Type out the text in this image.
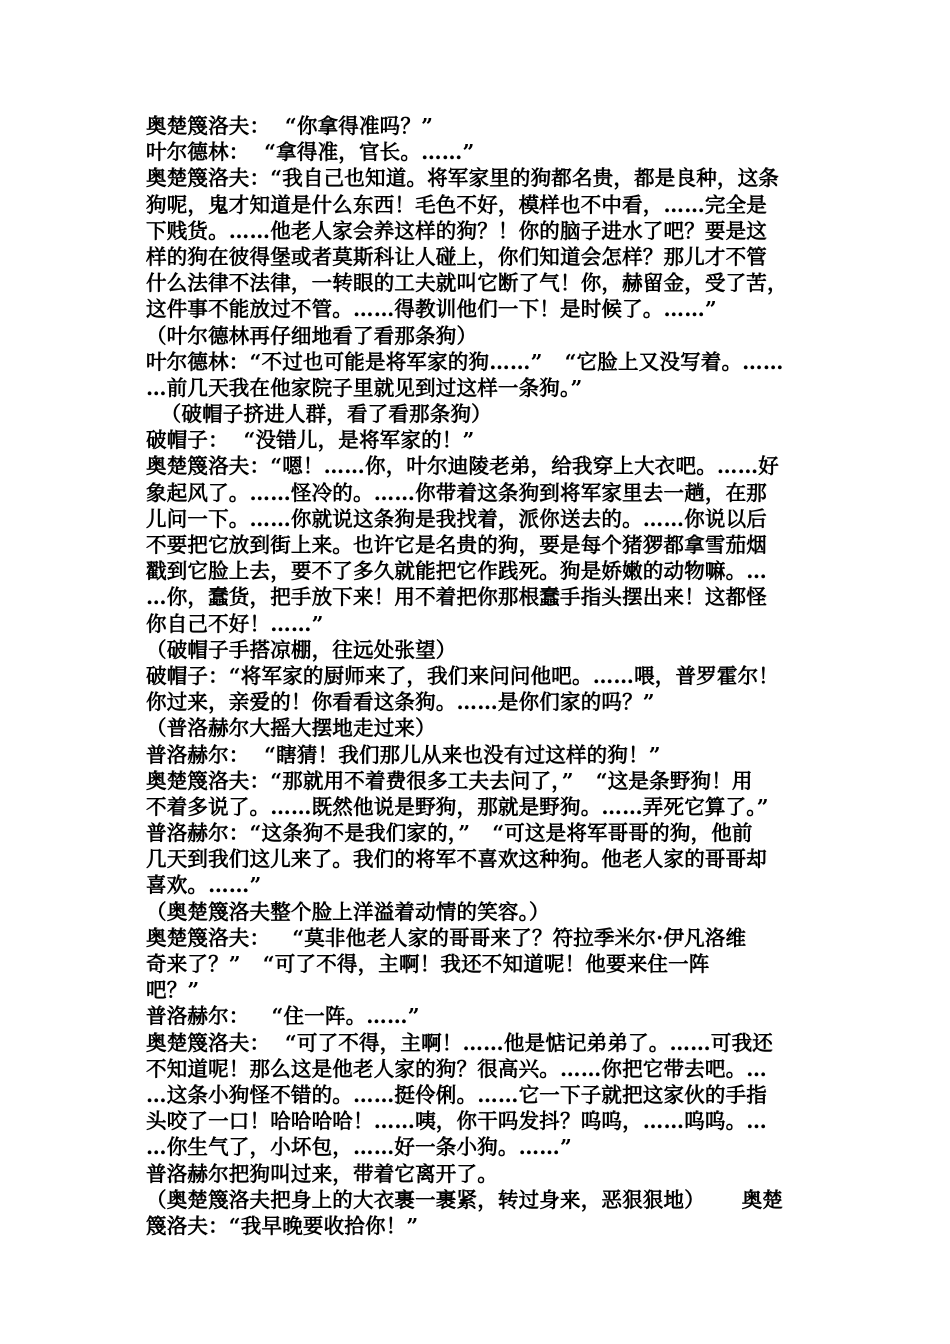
奥楚篾洛夫：  “你拿得准吗？”
叶尔德林：  “拿得准，官长。……”
奥楚篾洛夫：“我自己也知道。将军家里的狗都名贵，都是良种，这条
狗呢，鬼才知道是什么东西！毛色不好，模样也不中看，……完全是
下贱货。……他老人家会养这样的狗？！你的脑子进水了吧？要是这
样的狗在彼得堡或者莫斯科让人碰上，你们知道会怎样？那儿才不管
什么法律不法律，一转眼的工夫就叫它断了气！你，赫留金，受了苦，
这件事不能放过不管。……得教训他们一下！是时候了。……”
（叶尔德林再仔细地看了看那条狗）
叶尔德林：“不过也可能是将军家的狗……”   “它脸上又没写着。……
…前几天我在他家院子里就见到过这样一条狗。”
（破帽子挤进人群，看了看那条狗）
破帽子：  “没错儿，是将军家的！”
奥楚篾洛夫：“嗯！……你，叶尔迪陵老弟，给我穿上大衣吧。……好
象起风了。……怪冷的。……你带着这条狗到将军家里去一趟，在那
儿问一下。……你就说这条狗是我找着，派你送去的。……你说以后
不要把它放到街上来。也许它是名贵的狗，要是每个猪猡都拿雪茄烟
戳到它脸上去，要不了多久就能把它作践死。狗是娇嫩的动物嘛。…
…你，蠢货，把手放下来！用不着把你那根蠢手指头摆出来！这都怪
你自己不好！……”
（破帽子手搭凉棚，往远处张望）
破帽子：“将军家的厨师来了，我们来问问他吧。……喂，普罗霍尔！
你过来，亲爱的！你看看这条狗。……是你们家的吗？”
（普洛赫尔大摇大摆地走过来）
普洛赫尔：  “瞎猜！我们那儿从来也没有过这样的狗！”
奥楚篾洛夫：“那就用不着费很多工夫去问了，”   “这是条野狗！用
不着多说了。……既然他说是野狗，那就是野狗。……弄死它算了。”
普洛赫尔：“这条狗不是我们家的，”   “可这是将军哥哥的狗，他前
几天到我们这儿来了。我们的将军不喜欢这种狗。他老人家的哥哥却
喜欢。……”
（奥楚篾洛夫整个脸上洋溢着动情的笑容。）
奥楚篾洛夫：   “莫非他老人家的哥哥来了？符拉季米尔·伊凡洛维
奇来了？”   “可了不得，主啊！我还不知道呢！他要来住一阵
吧？”
普洛赫尔：   “住一阵。……”
奥楚篾洛夫：  “可了不得，主啊！……他是惦记弟弟了。……可我还
不知道呢！那么这是他老人家的狗？很高兴。……你把它带去吧。…
…这条小狗怪不错的。……挺伶俐。……它一下子就把这家伙的手指
头咬了一口！哈哈哈哈！……咦，你干吗发抖？呜呜，……呜呜。…
…你生气了，小坏包，……好一条小狗。……”
普洛赫尔把狗叫过来，带着它离开了。
（奥楚篾洛夫把身上的大衣裹一裹紧，转过身来，恶狠狠地）     奥楚
篾洛夫：“我早晚要收拾你！”
